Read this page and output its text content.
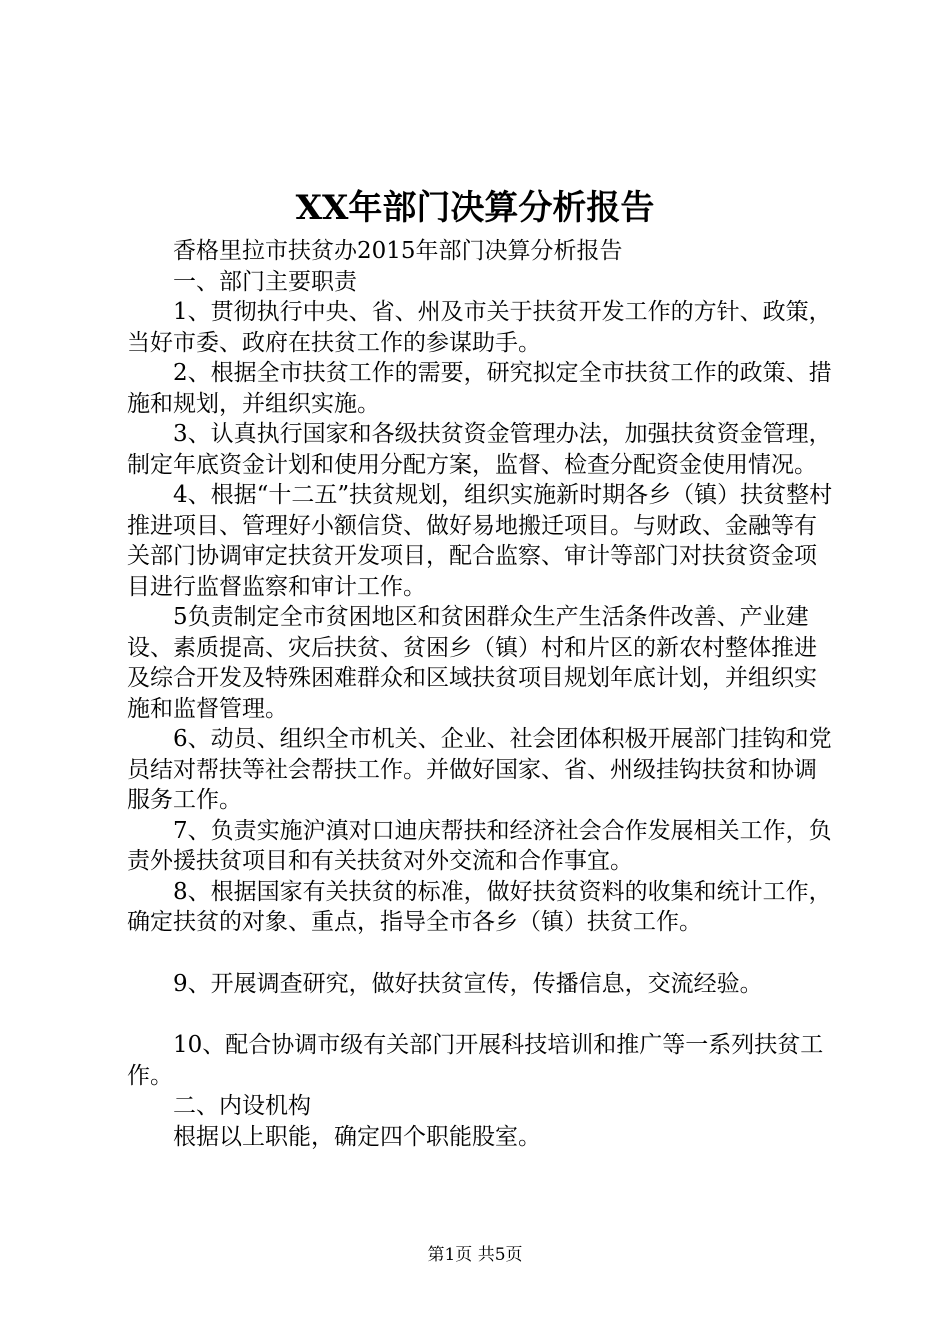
XX年部门决算分析报告

香格里拉市扶贫办2015年部门决算分析报告

一、部门主要职责

1、贯彻执行中央、省、州及市关于扶贫开发工作的方针、政策，当好市委、政府在扶贫工作的参谋助手。

2、根据全市扶贫工作的需要，研究拟定全市扶贫工作的政策、措施和规划，并组织实施。

3、认真执行国家和各级扶贫资金管理办法，加强扶贫资金管理，制定年底资金计划和使用分配方案，监督、检查分配资金使用情况。

4、根据“十二五”扶贫规划，组织实施新时期各乡（镇）扶贫整村推进项目、管理好小额信贷、做好易地搬迁项目。与财政、金融等有关部门协调审定扶贫开发项目，配合监察、审计等部门对扶贫资金项目进行监督监察和审计工作。

5负责制定全市贫困地区和贫困群众生产生活条件改善、产业建设、素质提高、灾后扶贫、贫困乡（镇）村和片区的新农村整体推进及综合开发及特殊困难群众和区域扶贫项目规划年底计划，并组织实施和监督管理。

6、动员、组织全市机关、企业、社会团体积极开展部门挂钩和党员结对帮扶等社会帮扶工作。并做好国家、省、州级挂钩扶贫和协调服务工作。

7、负责实施沪滇对口迪庆帮扶和经济社会合作发展相关工作，负责外援扶贫项目和有关扶贫对外交流和合作事宜。

8、根据国家有关扶贫的标准，做好扶贫资料的收集和统计工作，确定扶贫的对象、重点，指导全市各乡（镇）扶贫工作。

9、开展调查研究，做好扶贫宣传，传播信息，交流经验。

10、配合协调市级有关部门开展科技培训和推广等一系列扶贫工作。

二、内设机构

根据以上职能，确定四个职能股室。

第1页 共5页
